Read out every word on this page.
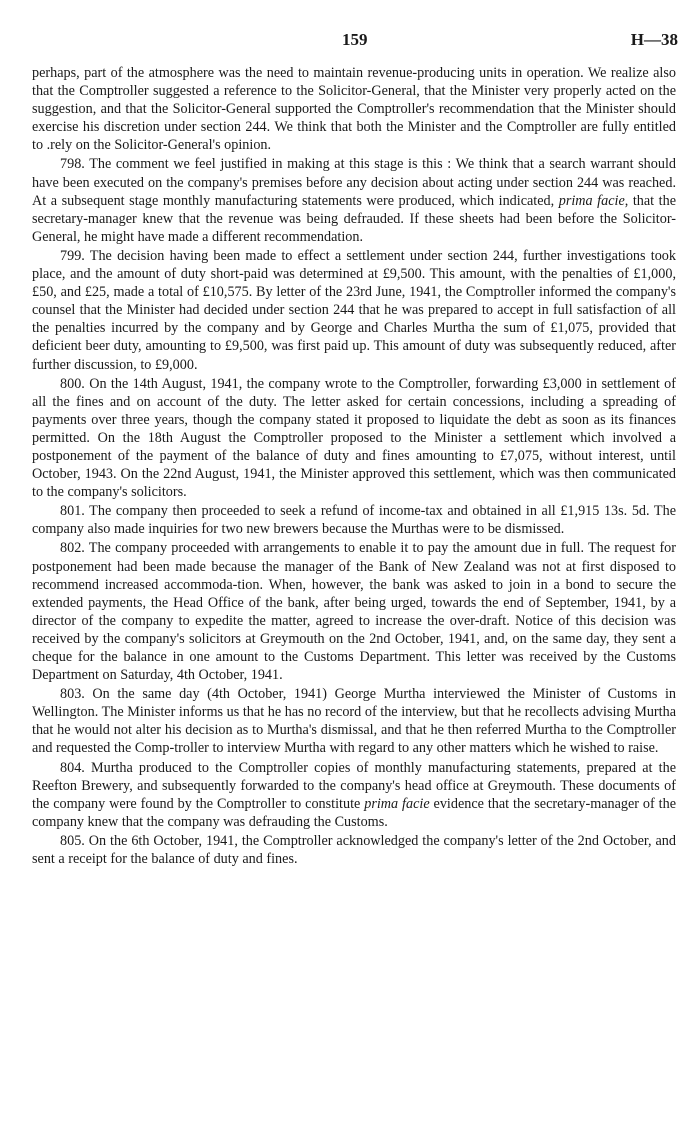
159	H—38

perhaps, part of the atmosphere was the need to maintain revenue-producing units in operation. We realize also that the Comptroller suggested a reference to the Solicitor-General, that the Minister very properly acted on the suggestion, and that the Solicitor-General supported the Comptroller's recommendation that the Minister should exercise his discretion under section 244. We think that both the Minister and the Comptroller are fully entitled to .rely on the Solicitor-General's opinion.

798. The comment we feel justified in making at this stage is this : We think that a search warrant should have been executed on the company's premises before any decision about acting under section 244 was reached. At a subsequent stage monthly manufacturing statements were produced, which indicated, prima facie, that the secretary-manager knew that the revenue was being defrauded. If these sheets had been before the Solicitor-General, he might have made a different recommendation.

799. The decision having been made to effect a settlement under section 244, further investigations took place, and the amount of duty short-paid was determined at £9,500. This amount, with the penalties of £1,000, £50, and £25, made a total of £10,575. By letter of the 23rd June, 1941, the Comptroller informed the company's counsel that the Minister had decided under section 244 that he was prepared to accept in full satisfaction of all the penalties incurred by the company and by George and Charles Murtha the sum of £1,075, provided that deficient beer duty, amounting to £9,500, was first paid up. This amount of duty was subsequently reduced, after further discussion, to £9,000.

800. On the 14th August, 1941, the company wrote to the Comptroller, forwarding £3,000 in settlement of all the fines and on account of the duty. The letter asked for certain concessions, including a spreading of payments over three years, though the company stated it proposed to liquidate the debt as soon as its finances permitted. On the 18th August the Comptroller proposed to the Minister a settlement which involved a postponement of the payment of the balance of duty and fines amounting to £7,075, without interest, until October, 1943. On the 22nd August, 1941, the Minister approved this settlement, which was then communicated to the company's solicitors.

801. The company then proceeded to seek a refund of income-tax and obtained in all £1,915 13s. 5d. The company also made inquiries for two new brewers because the Murthas were to be dismissed.

802. The company proceeded with arrangements to enable it to pay the amount due in full. The request for postponement had been made because the manager of the Bank of New Zealand was not at first disposed to recommend increased accommoda-tion. When, however, the bank was asked to join in a bond to secure the extended payments, the Head Office of the bank, after being urged, towards the end of September, 1941, by a director of the company to expedite the matter, agreed to increase the over-draft. Notice of this decision was received by the company's solicitors at Greymouth on the 2nd October, 1941, and, on the same day, they sent a cheque for the balance in one amount to the Customs Department. This letter was received by the Customs Department on Saturday, 4th October, 1941.

803. On the same day (4th October, 1941) George Murtha interviewed the Minister of Customs in Wellington. The Minister informs us that he has no record of the interview, but that he recollects advising Murtha that he would not alter his decision as to Murtha's dismissal, and that he then referred Murtha to the Comptroller and requested the Comp-troller to interview Murtha with regard to any other matters which he wished to raise.

804. Murtha produced to the Comptroller copies of monthly manufacturing statements, prepared at the Reefton Brewery, and subsequently forwarded to the company's head office at Greymouth. These documents of the company were found by the Comptroller to constitute prima facie evidence that the secretary-manager of the company knew that the company was defrauding the Customs.

805. On the 6th October, 1941, the Comptroller acknowledged the company's letter of the 2nd October, and sent a receipt for the balance of duty and fines.
